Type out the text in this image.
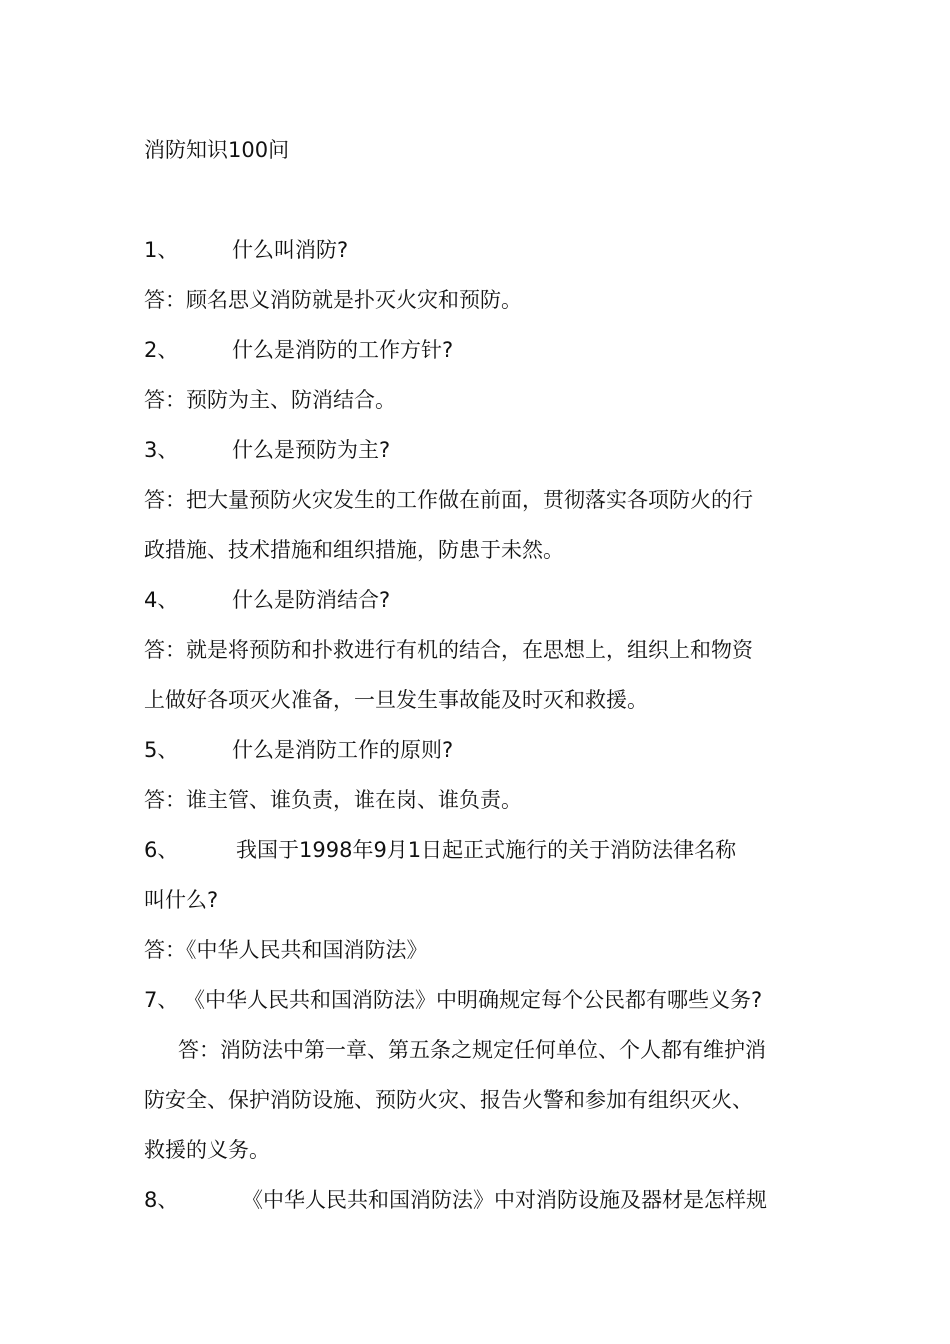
消防知识100问
1、	什么叫消防?
答：顾名思义消防就是扑灭火灾和预防。
2、	什么是消防的工作方针?
答：预防为主、防消结合。
3、	什么是预防为主?
答：把大量预防火灾发生的工作做在前面，贯彻落实各项防火的行
政措施、技术措施和组织措施，防患于未然。
4、	什么是防消结合?
答：就是将预防和扑救进行有机的结合，在思想上，组织上和物资
上做好各项灭火准备，一旦发生事故能及时灭和救援。
5、	什么是消防工作的原则?
答：谁主管、谁负责，谁在岗、谁负责。
6、	我国于1998年9月1日起正式施行的关于消防法律名称
叫什么?
答：《中华人民共和国消防法》
7、 《中华人民共和国消防法》中明确规定每个公民都有哪些义务?
答：消防法中第一章、第五条之规定任何单位、个人都有维护消
防安全、保护消防设施、预防火灾、报告火警和参加有组织灭火、
救援的义务。
8、	《中华人民共和国消防法》中对消防设施及器材是怎样规
